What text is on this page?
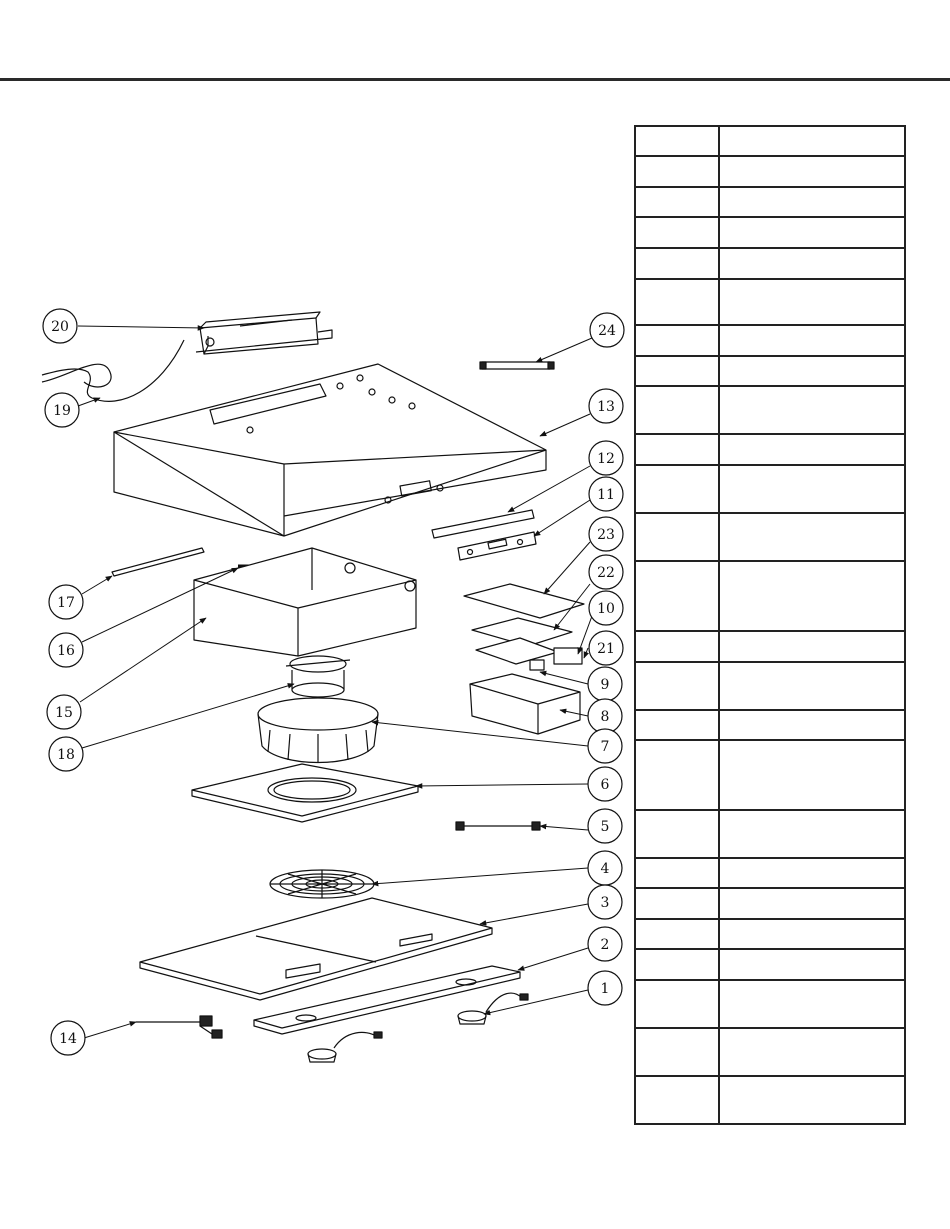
20
19
24
13
12
11
23
22
10
21
9
8
7
6
5
4
3
2
1
17
16
15
18
14
